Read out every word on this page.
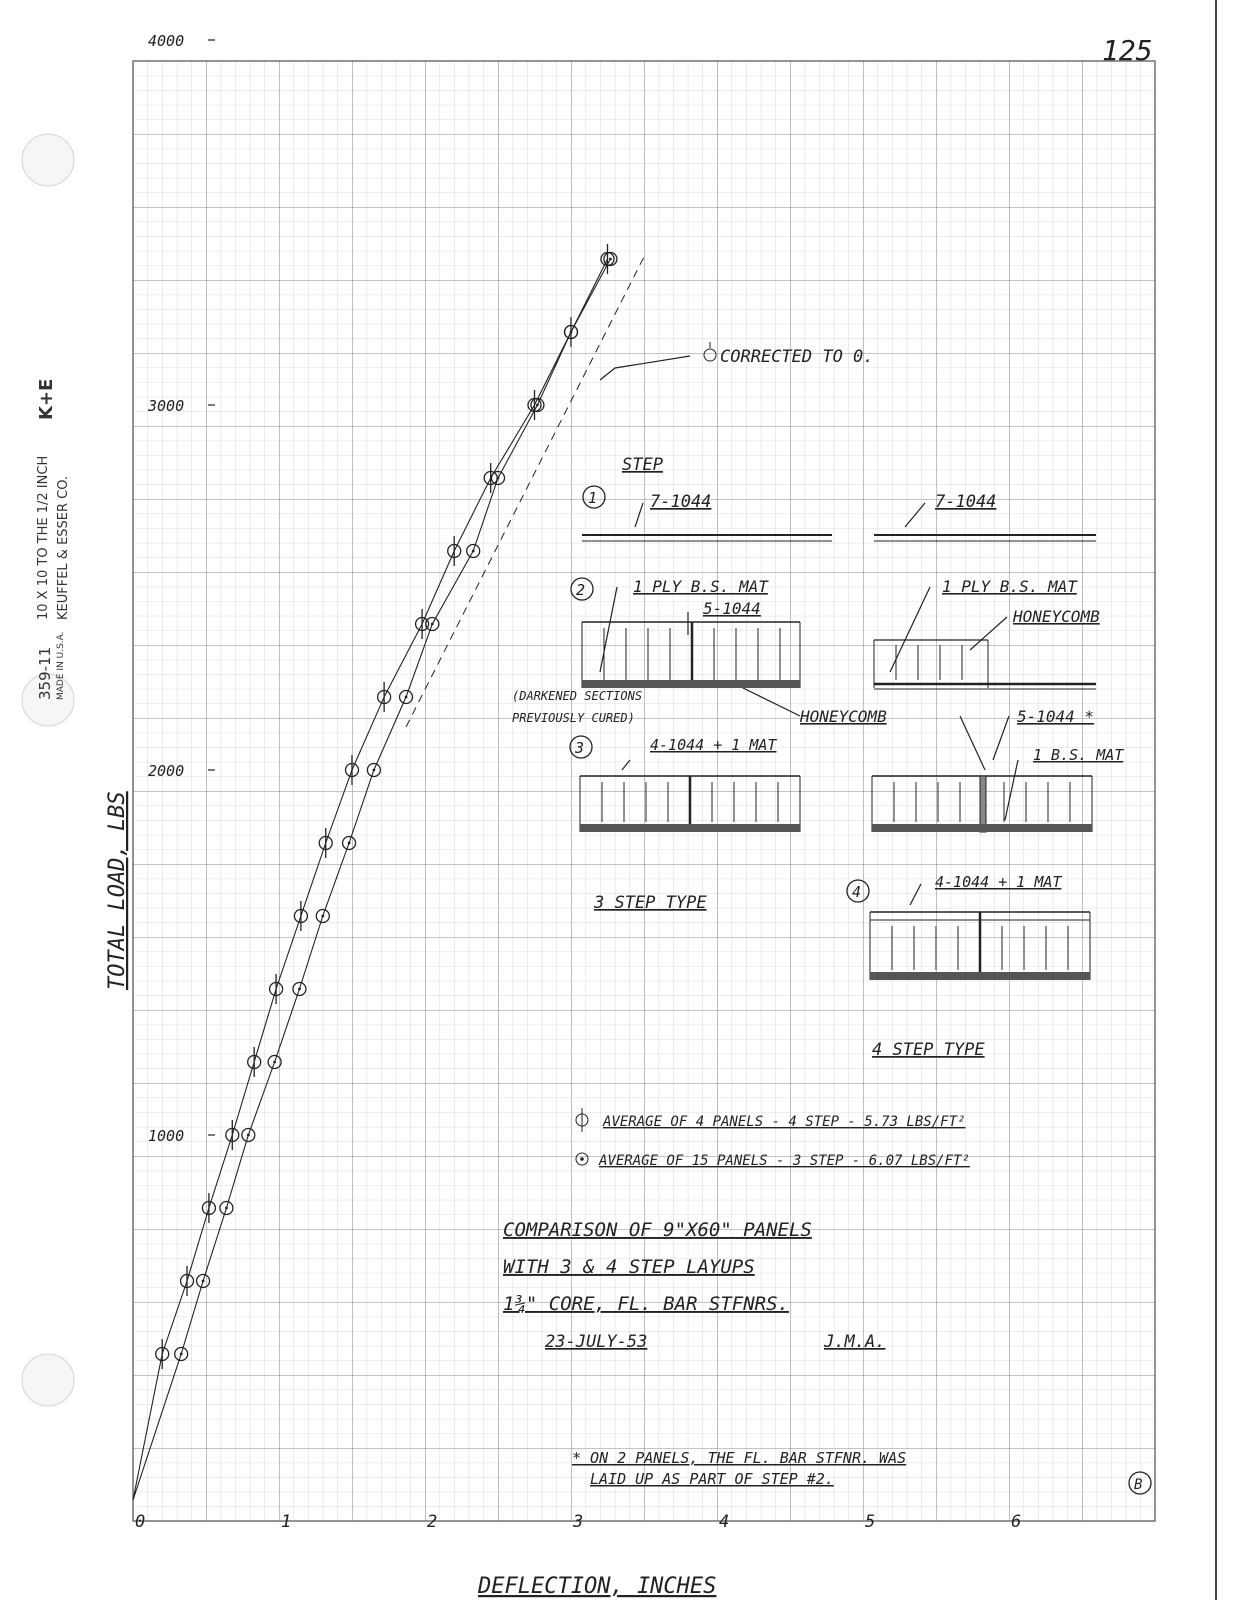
0	1	2	3	4	5	6
1000
2000
3000
4000
CORRECTED TO 0.
STEP
1	7-1044	7-1044
2	1 PLY B.S. MAT
5-1044
1 PLY B.S. MAT
HONEYCOMB
(DARKENED SECTIONS
PREVIOUSLY CURED)	HONEYCOMB
3	4-1044 + 1 MAT
5-1044 *
1 B.S. MAT
3 STEP TYPE
4
4-1044 + 1 MAT
4 STEP TYPE
AVERAGE OF 4 PANELS - 4 STEP - 5.73 LBS/FT²
AVERAGE OF 15 PANELS - 3 STEP - 6.07 LBS/FT²
COMPARISON OF 9"X60" PANELS
WITH 3 & 4 STEP LAYUPS
1¾" CORE, FL. BAR STFNRS.
23-JULY-53	J.M.A.
* ON 2 PANELS, THE FL. BAR STFNR. WAS
LAID UP AS PART OF STEP #2.	B
125
DEFLECTION, INCHES
TOTAL LOAD, LBS
K+E
KEUFFEL & ESSER CO.
10 X 10 TO THE 1/2 INCH
MADE IN U.S.A.
359-11
